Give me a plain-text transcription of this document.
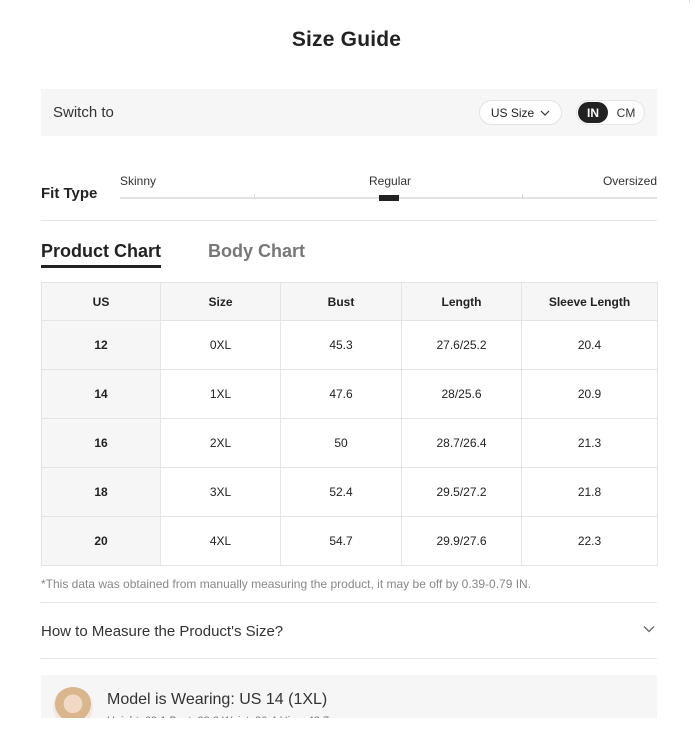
Size Guide
ˈ
Switch to	US Size	IN	CM
Fit Type
Skinny	Regular	Oversized
Product Chart	Body Chart
US	Size	Bust	Length	Sleeve Length
12	0XL	45.3	27.6/25.2	20.4
14	1XL	47.6	28/25.6	20.9
16	2XL	50	28.7/26.4	21.3
18	3XL	52.4	29.5/27.2	21.8
20	4XL	54.7	29.9/27.6	22.3
*This data was obtained from manually measuring the product, it may be off by 0.39-0.79 IN.
How to Measure the Product's Size?
Model is Wearing: US 14 (1XL)
